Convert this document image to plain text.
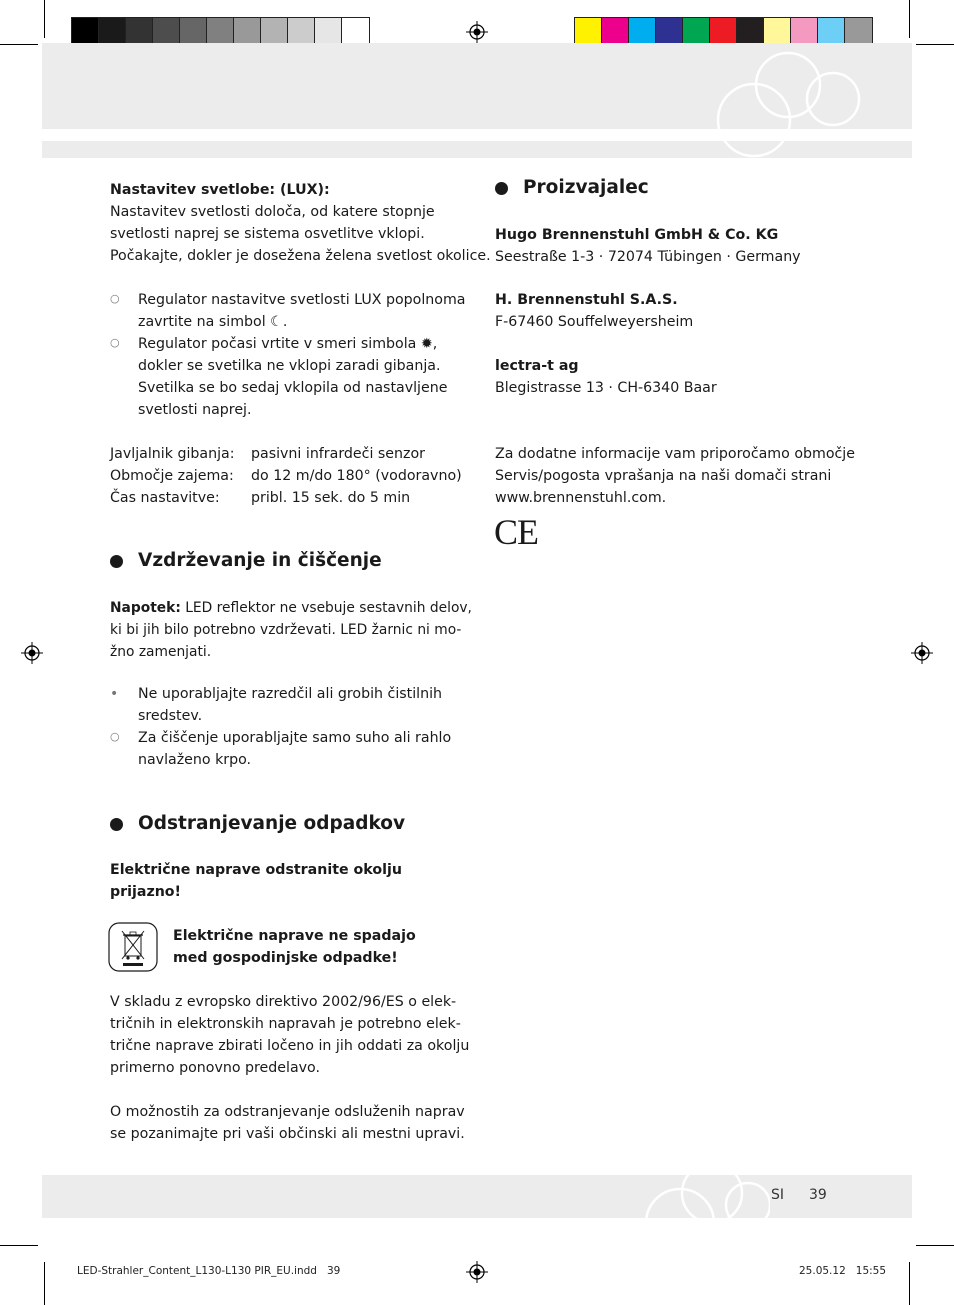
Nastavitev svetlobe: (LUX):
Nastavitev svetlosti določa, od katere stopnje
svetlosti naprej se sistema osvetlitve vklopi.
Počakajte, dokler je dosežena želena svetlost okolice.
○ Regulator nastavitve svetlosti LUX popolnoma
zavrtite na simbol ☾.
○ Regulator počasi vrtite v smeri simbola ✹,
dokler se svetilka ne vklopi zaradi gibanja.
Svetilka se bo sedaj vklopila od nastavljene
svetlosti naprej.
Javljalnik gibanja: pasivni infrardeči senzor
Območje zajema: do 12 m/do 180° (vodoravno)
Čas nastavitve: pribl. 15 sek. do 5 min
Vzdrževanje in čiščenje
Napotek: LED reflektor ne vsebuje sestavnih delov,
ki bi jih bilo potrebno vzdrževati. LED žarnic ni mo-
žno zamenjati.
• Ne uporabljajte razredčil ali grobih čistilnih
sredstev.
○ Za čiščenje uporabljajte samo suho ali rahlo
navlaženo krpo.
Odstranjevanje odpadkov
Električne naprave odstranite okolju
prijazno!
Električne naprave ne spadajo
med gospodinjske odpadke!
V skladu z evropsko direktivo 2002/96/ES o elek-
tričnih in elektronskih napravah je potrebno elek-
trične naprave zbirati ločeno in jih oddati za okolju
primerno ponovno predelavo.
O možnostih za odstranjevanje odsluženih naprav
se pozanimajte pri vaši občinski ali mestni upravi.
Proizvajalec
Hugo Brennenstuhl GmbH & Co. KG
Seestraße 1-3 · 72074 Tübingen · Germany
H. Brennenstuhl S.A.S.
F-67460 Souffelweyersheim
lectra-t ag
Blegistrasse 13 · CH-6340 Baar
Za dodatne informacije vam priporočamo območje
Servis/pogosta vprašanja na naši domači strani
www.brennenstuhl.com.
CE
SI 39
LED-Strahler_Content_L130-L130 PIR_EU.indd   39	25.05.12   15:55
